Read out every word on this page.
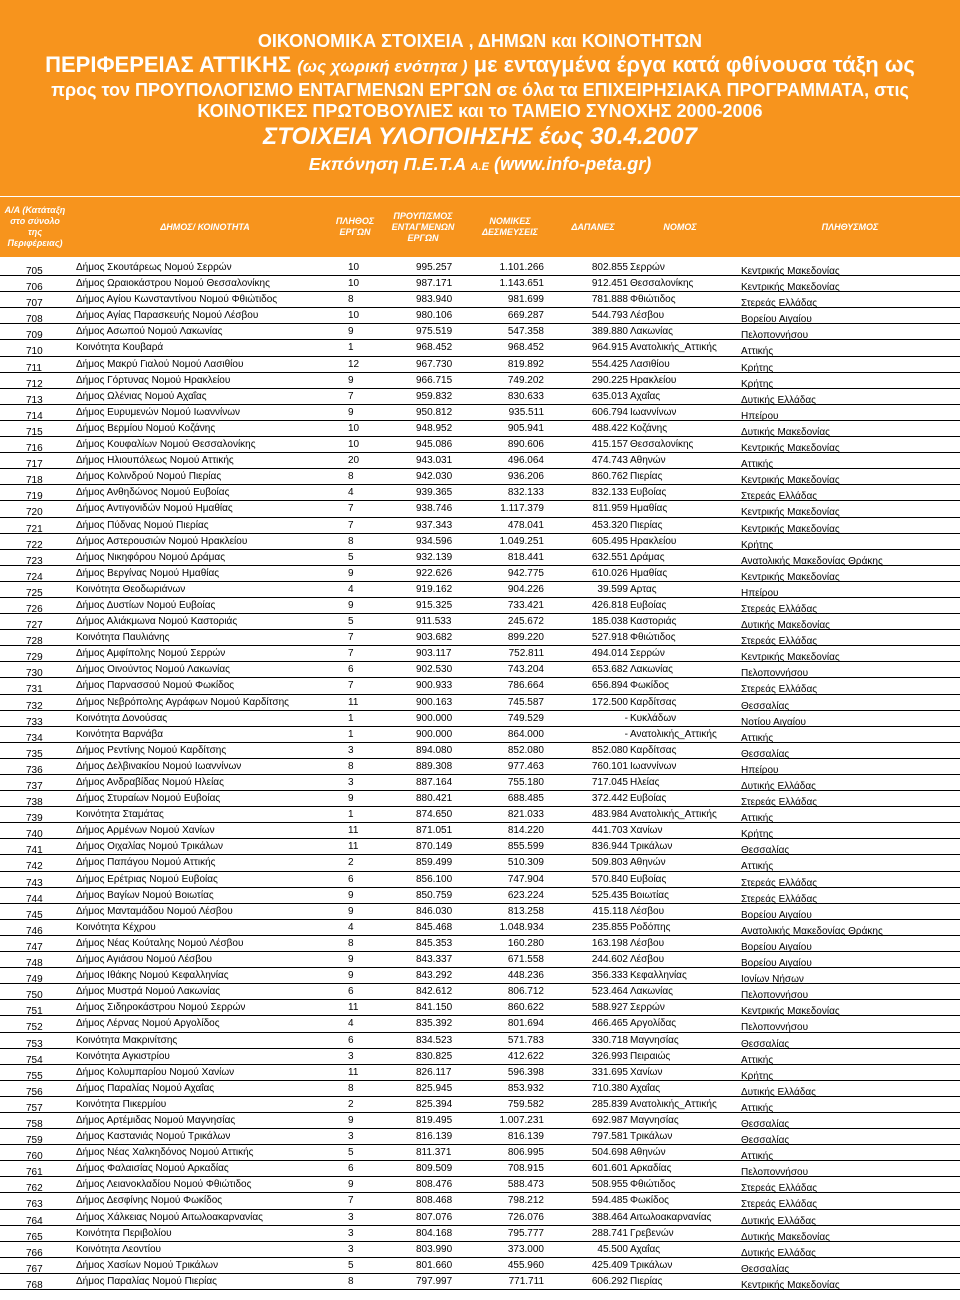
ΟΙΚΟΝΟΜΙΚΑ ΣΤΟΙΧΕΙΑ , ΔΗΜΩΝ και ΚΟΙΝΟΤΗΤΩΝ
ΠΕΡΙΦΕΡΕΙΑΣ ΑΤΤΙΚΗΣ (ως χωρική ενότητα ) με ενταγμένα έργα κατά φθίνουσα τάξη ως
προς τον ΠΡΟΥΠΟΛΟΓΙΣΜΟ ΕΝΤΑΓΜΕΝΩΝ ΕΡΓΩΝ σε όλα τα ΕΠΙΧΕΙΡΗΣΙΑΚΑ ΠΡΟΓΡΑΜΜΑΤΑ, στις
ΚΟΙΝΟΤΙΚΕΣ ΠΡΩΤΟΒΟΥΛΙΕΣ και το ΤΑΜΕΙΟ ΣΥΝΟΧΗΣ 2000-2006
ΣΤΟΙΧΕΙΑ ΥΛΟΠΟΙΗΣΗΣ έως 30.4.2007
Εκπόνηση Π.Ε.Τ.Α Α.Ε (www.info-peta.gr)
Α/Α (Κατάταξη στο σύνολο της Περιφέρειας)
ΔΗΜΟΣ/ ΚΟΙΝΟΤΗΤΑ
ΠΛΗΘΟΣ ΕΡΓΩΝ
ΠΡΟΥΠ/ΣΜΟΣ ΕΝΤΑΓΜΕΝΩΝ ΕΡΓΩΝ
ΝΟΜΙΚΕΣ ΔΕΣΜΕΥΣΕΙΣ
ΔΑΠΑΝΕΣ	ΝΟΜΟΣ	ΠΛΗΘΥΣΜΟΣ
705	Δήμος Σκουτάρεως Νομού Σερρών	10	995.257	1.101.266	802.855 Σερρών	Κεντρικής Μακεδονίας
706	Δήμος Ωραιοκάστρου Νομού Θεσσαλονίκης	10	987.171	1.143.651	912.451 Θεσσαλονίκης	Κεντρικής Μακεδονίας
707	Δήμος Αγίου Κωνσταντίνου Νομού Φθιώτιδος	8	983.940	981.699	781.888 Φθιώτιδος	Στερεάς Ελλάδας
708	Δήμος Αγίας Παρασκευής Νομού Λέσβου	10	980.106	669.287	544.793 Λέσβου	Βορείου Αιγαίου
709	Δήμος Ασωπού Νομού Λακωνίας	9	975.519	547.358	389.880 Λακωνίας	Πελοποννήσου
710	Κοινότητα Κουβαρά	1	968.452	968.452	964.915 Ανατολικής_Αττικής Αττικής
711	Δήμος Μακρύ Γιαλού Νομού Λασιθίου	12	967.730	819.892	554.425 Λασιθίου	Κρήτης
712	Δήμος Γόρτυνας Νομού Ηρακλείου	9	966.715	749.202	290.225 Ηρακλείου	Κρήτης
713	Δήμος Ωλένιας Νομού Αχαΐας	7	959.832	830.633	635.013 Αχαΐας	Δυτικής Ελλάδας
714	Δήμος Ευρυμενών Νομού Ιωαννίνων	9	950.812	935.511	606.794 Ιωαννίνων	Ηπείρου
715	Δήμος Βερμίου Νομού Κοζάνης	10	948.952	905.941	488.422 Κοζάνης	Δυτικής Μακεδονίας
716	Δήμος Κουφαλίων Νομού Θεσσαλονίκης	10	945.086	890.606	415.157 Θεσσαλονίκης	Κεντρικής Μακεδονίας
717	Δήμος Ηλιουπόλεως Νομού Αττικής	20	943.031	496.064	474.743 Αθηνών	Αττικής
718	Δήμος Κολινδρού Νομού Πιερίας	8	942.030	936.206	860.762 Πιερίας	Κεντρικής Μακεδονίας
719	Δήμος Ανθηδώνος Νομού Ευβοίας	4	939.365	832.133	832.133 Ευβοίας	Στερεάς Ελλάδας
720	Δήμος Αντιγονιδών Νομού Ημαθίας	7	938.746	1.117.379	811.959 Ημαθίας	Κεντρικής Μακεδονίας
721	Δήμος Πύδνας Νομού Πιερίας	7	937.343	478.041	453.320 Πιερίας	Κεντρικής Μακεδονίας
722	Δήμος Αστερουσιών Νομού Ηρακλείου	8	934.596	1.049.251	605.495 Ηρακλείου	Κρήτης
723	Δήμος Νικηφόρου Νομού Δράμας	5	932.139	818.441	632.551 Δράμας	Ανατολικής Μακεδονίας Θράκης
724	Δήμος Βεργίνας Νομού Ημαθίας	9	922.626	942.775	610.026 Ημαθίας	Κεντρικής Μακεδονίας
725	Κοινότητα Θεοδωριάνων	4	919.162	904.226	39.599 Αρτας	Ηπείρου
726	Δήμος Δυστίων Νομού Ευβοίας	9	915.325	733.421	426.818 Ευβοίας	Στερεάς Ελλάδας
727	Δήμος Αλιάκμωνα Νομού Καστοριάς	5	911.533	245.672	185.038 Καστοριάς	Δυτικής Μακεδονίας
728	Κοινότητα Παυλιάνης	7	903.682	899.220	527.918 Φθιώτιδος	Στερεάς Ελλάδας
729	Δήμος Αμφίπολης Νομού Σερρών	7	903.117	752.811	494.014 Σερρών	Κεντρικής Μακεδονίας
730	Δήμος Οινούντος Νομού Λακωνίας	6	902.530	743.204	653.682 Λακωνίας	Πελοποννήσου
731	Δήμος Παρνασσού Νομού Φωκίδος	7	900.933	786.664	656.894 Φωκίδος	Στερεάς Ελλάδας
732	Δήμος Νεβρόπολης Αγράφων Νομού Καρδίτσης	11	900.163	745.587	172.500 Καρδίτσας	Θεσσαλίας
733	Κοινότητα Δονούσας	1	900.000	749.529	- Κυκλάδων	Νοτίου Αιγαίου
734	Κοινότητα Βαρνάβα	1	900.000	864.000	- Ανατολικής_Αττικής Αττικής
735	Δήμος Ρεντίνης Νομού Καρδίτσης	3	894.080	852.080	852.080 Καρδίτσας	Θεσσαλίας
736	Δήμος Δελβινακίου Νομού Ιωαννίνων	8	889.308	977.463	760.101 Ιωαννίνων	Ηπείρου
737	Δήμος Ανδραβίδας Νομού Ηλείας	3	887.164	755.180	717.045 Ηλείας	Δυτικής Ελλάδας
738	Δήμος Στυραίων Νομού Ευβοίας	9	880.421	688.485	372.442 Ευβοίας	Στερεάς Ελλάδας
739	Κοινότητα Σταμάτας	1	874.650	821.033	483.984 Ανατολικής_Αττικής Αττικής
740	Δήμος Αρμένων Νομού Χανίων	11	871.051	814.220	441.703 Χανίων	Κρήτης
741	Δήμος Οιχαλίας Νομού Τρικάλων	11	870.149	855.599	836.944 Τρικάλων	Θεσσαλίας
742	Δήμος Παπάγου Νομού Αττικής	2	859.499	510.309	509.803 Αθηνών	Αττικής
743	Δήμος Ερέτριας Νομού Ευβοίας	6	856.100	747.904	570.840 Ευβοίας	Στερεάς Ελλάδας
744	Δήμος Βαγίων Νομού Βοιωτίας	9	850.759	623.224	525.435 Βοιωτίας	Στερεάς Ελλάδας
745	Δήμος Μανταμάδου Νομού Λέσβου	9	846.030	813.258	415.118 Λέσβου	Βορείου Αιγαίου
746	Κοινότητα Κέχρου	4	845.468	1.048.934	235.855 Ροδόπης	Ανατολικής Μακεδονίας Θράκης
747	Δήμος Νέας Κούταλης Νομού Λέσβου	8	845.353	160.280	163.198 Λέσβου	Βορείου Αιγαίου
748	Δήμος Αγιάσου Νομού Λέσβου	9	843.337	671.558	244.602 Λέσβου	Βορείου Αιγαίου
749	Δήμος Ιθάκης Νομού Κεφαλληνίας	9	843.292	448.236	356.333 Κεφαλληνίας	Ιονίων Νήσων
750	Δήμος Μυστρά Νομού Λακωνίας	6	842.612	806.712	523.464 Λακωνίας	Πελοποννήσου
751	Δήμος Σιδηροκάστρου Νομού Σερρών	11	841.150	860.622	588.927 Σερρών	Κεντρικής Μακεδονίας
752	Δήμος Λέρνας Νομού Αργολίδος	4	835.392	801.694	466.465 Αργολίδας	Πελοποννήσου
753	Κοινότητα Μακρινίτσης	6	834.523	571.783	330.718 Μαγνησίας	Θεσσαλίας
754	Κοινότητα Αγκιστρίου	3	830.825	412.622	326.993 Πειραιώς	Αττικής
755	Δήμος Κολυμπαρίου Νομού Χανίων	11	826.117	596.398	331.695 Χανίων	Κρήτης
756	Δήμος Παραλίας Νομού Αχαΐας	8	825.945	853.932	710.380 Αχαΐας	Δυτικής Ελλάδας
757	Κοινότητα Πικερμίου	2	825.394	759.582	285.839 Ανατολικής_Αττικής Αττικής
758	Δήμος Αρτέμιδας Νομού Μαγνησίας	9	819.495	1.007.231	692.987 Μαγνησίας	Θεσσαλίας
759	Δήμος Καστανιάς Νομού Τρικάλων	3	816.139	816.139	797.581 Τρικάλων	Θεσσαλίας
760	Δήμος Νέας Χαλκηδόνος Νομού Αττικής	5	811.371	806.995	504.698 Αθηνών	Αττικής
761	Δήμος Φαλαισίας Νομού Αρκαδίας	6	809.509	708.915	601.601 Αρκαδίας	Πελοποννήσου
762	Δήμος Λειανοκλαδίου Νομού Φθιώτιδος	9	808.476	588.473	508.955 Φθιώτιδος	Στερεάς Ελλάδας
763	Δήμος Δεσφίνης Νομού Φωκίδος	7	808.468	798.212	594.485 Φωκίδος	Στερεάς Ελλάδας
764	Δήμος Χάλκειας Νομού Αιτωλοακαρνανίας	3	807.076	726.076	388.464 Αιτωλοακαρνανίας	Δυτικής Ελλάδας
765	Κοινότητα Περιβολίου	3	804.168	795.777	288.741 Γρεβενών	Δυτικής Μακεδονίας
766	Κοινότητα Λεοντίου	3	803.990	373.000	45.500 Αχαΐας	Δυτικής Ελλάδας
767	Δήμος Χασίων Νομού Τρικάλων	5	801.660	455.960	425.409 Τρικάλων	Θεσσαλίας
768	Δήμος Παραλίας Νομού Πιερίας	8	797.997	771.711	606.292 Πιερίας	Κεντρικής Μακεδονίας
